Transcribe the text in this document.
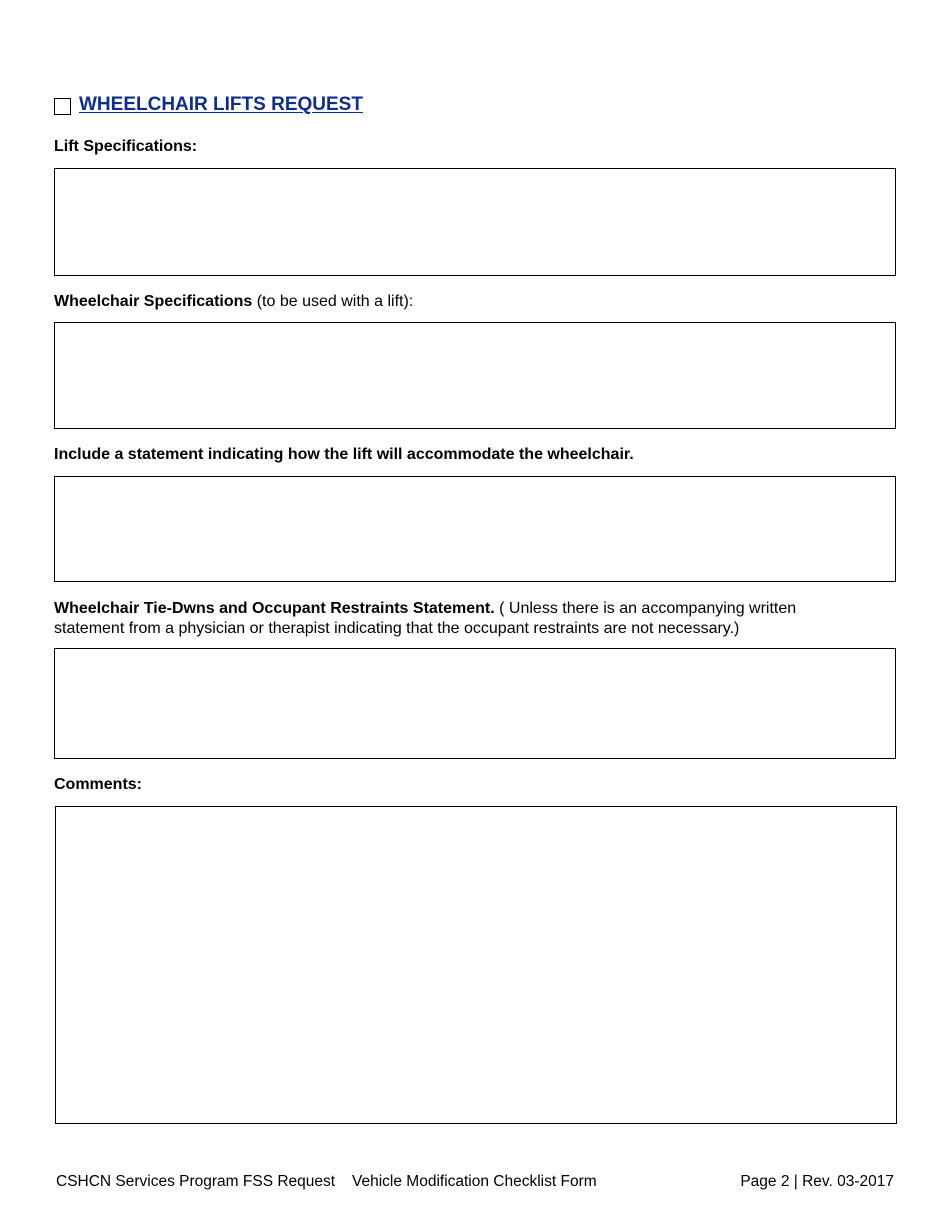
WHEELCHAIR LIFTS REQUEST
Lift Specifications:
Wheelchair Specifications (to be used with a lift):
Include a statement indicating how the lift will accommodate the wheelchair.
Wheelchair Tie-Dwns and Occupant Restraints Statement. ( Unless there is an accompanying written statement from a physician or therapist indicating that the occupant restraints are not necessary.)
Comments:
CSHCN Services Program FSS Request Vehicle Modification Checklist Form	Page 2 | Rev. 03-2017
